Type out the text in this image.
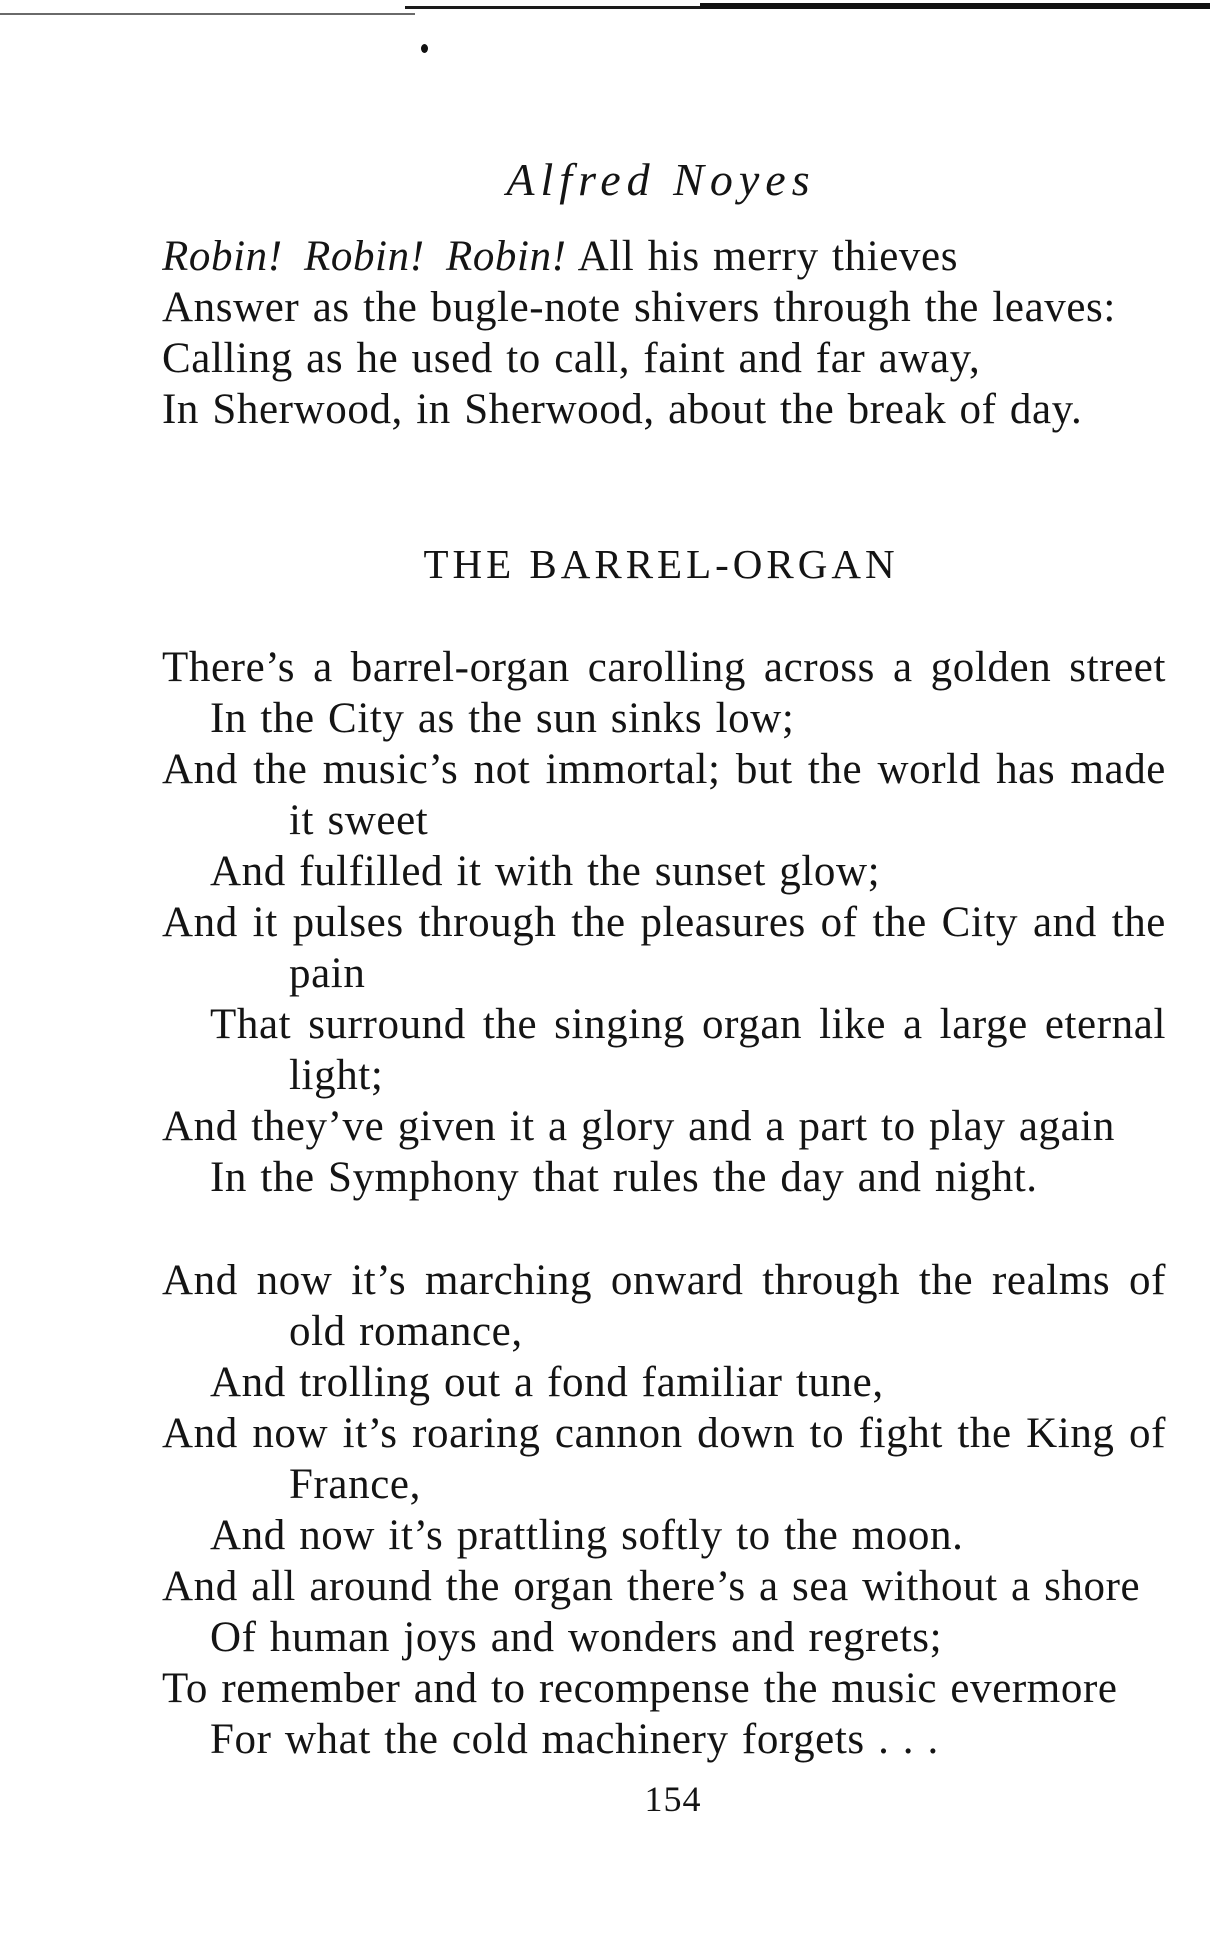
Alfred Noyes
Robin! Robin! Robin! All his merry thieves
Answer as the bugle-note shivers through the leaves:
Calling as he used to call, faint and far away,
In Sherwood, in Sherwood, about the break of day.
THE BARREL-ORGAN
There’s a barrel-organ carolling across a golden street
In the City as the sun sinks low;
And the music’s not immortal; but the world has made
it sweet
And fulfilled it with the sunset glow;
And it pulses through the pleasures of the City and the
pain
That surround the singing organ like a large eternal
light;
And they’ve given it a glory and a part to play again
In the Symphony that rules the day and night.
And now it’s marching onward through the realms of
old romance,
And trolling out a fond familiar tune,
And now it’s roaring cannon down to fight the King of
France,
And now it’s prattling softly to the moon.
And all around the organ there’s a sea without a shore
Of human joys and wonders and regrets;
To remember and to recompense the music evermore
For what the cold machinery forgets . . .
154
